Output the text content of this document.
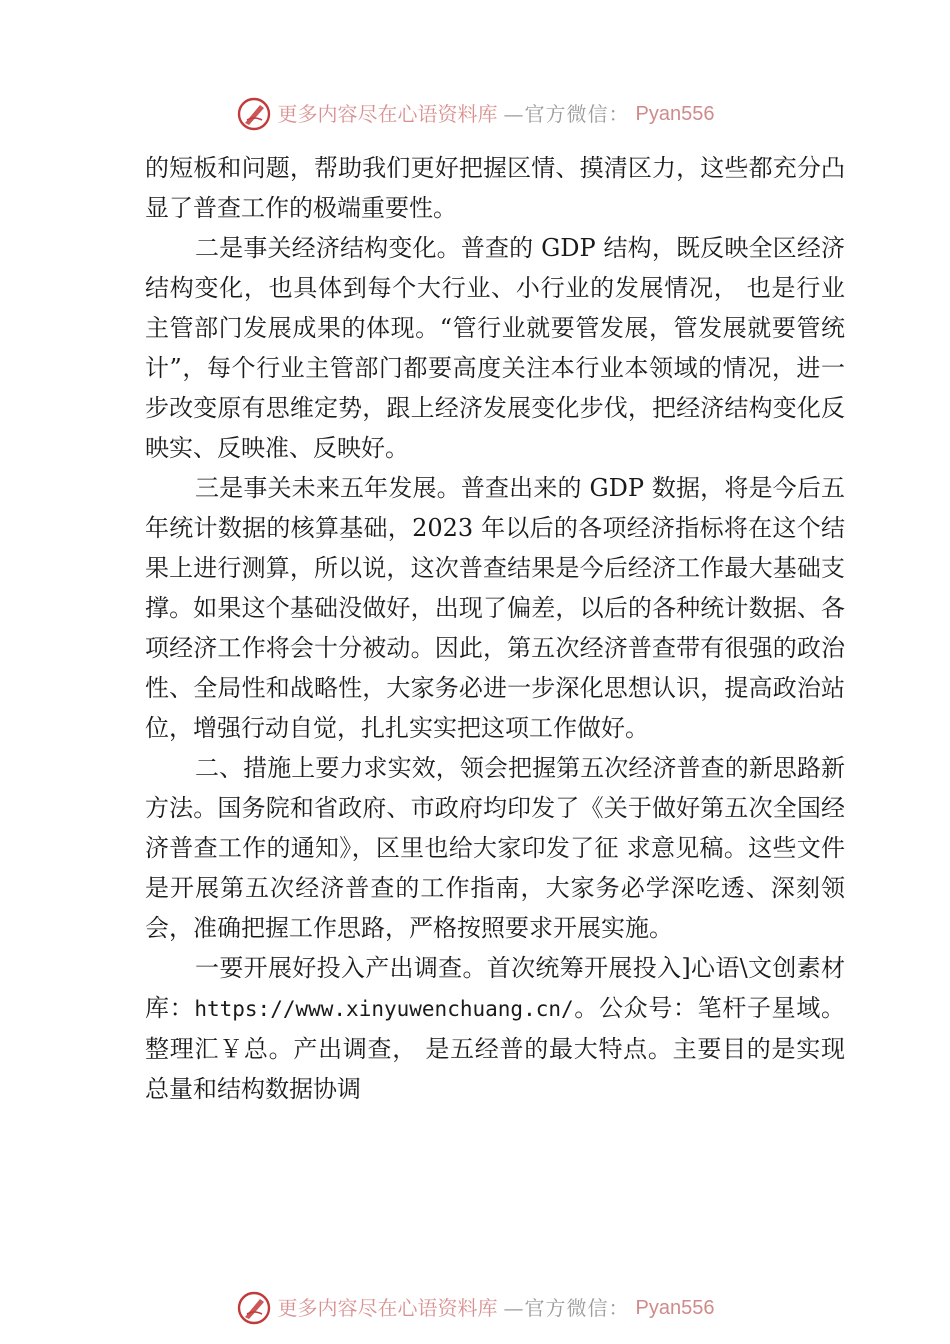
更多内容尽在心语资料库 —官方微信： Pyan556

的短板和问题，帮助我们更好把握区情、摸清区力，这些都充分凸显了普查工作的极端重要性。

二是事关经济结构变化。普查的 GDP 结构，既反映全区经济结构变化，也具体到每个大行业、小行业的发展情况， 也是行业主管部门发展成果的体现。“管行业就要管发展，管发展就要管统计”，每个行业主管部门都要高度关注本行业本领域的情况，进一步改变原有思维定势，跟上经济发展变化步伐，把经济结构变化反映实、反映准、反映好。

三是事关未来五年发展。普查出来的 GDP 数据，将是今后五年统计数据的核算基础，2023 年以后的各项经济指标将在这个结果上进行测算，所以说，这次普查结果是今后经济工作最大基础支撑。如果这个基础没做好，出现了偏差，以后的各种统计数据、各项经济工作将会十分被动。因此，第五次经济普查带有很强的政治性、全局性和战略性，大家务必进一步深化思想认识，提高政治站位，增强行动自觉，扎扎实实把这项工作做好。

二、措施上要力求实效，领会把握第五次经济普查的新思路新方法。国务院和省政府、市政府均印发了《关于做好第五次全国经济普查工作的通知》，区里也给大家印发了征 求意见稿。这些文件是开展第五次经济普查的工作指南，大家务必学深吃透、深刻领会，准确把握工作思路，严格按照要求开展实施。

一要开展好投入产出调查。首次统筹开展投入]心语\文创素材库：https://www.xinyuwenchuang.cn/。公众号：笔杆子星域。整理汇￥总。产出调查， 是五经普的最大特点。主要目的是实现总量和结构数据协调

更多内容尽在心语资料库 —官方微信： Pyan556
